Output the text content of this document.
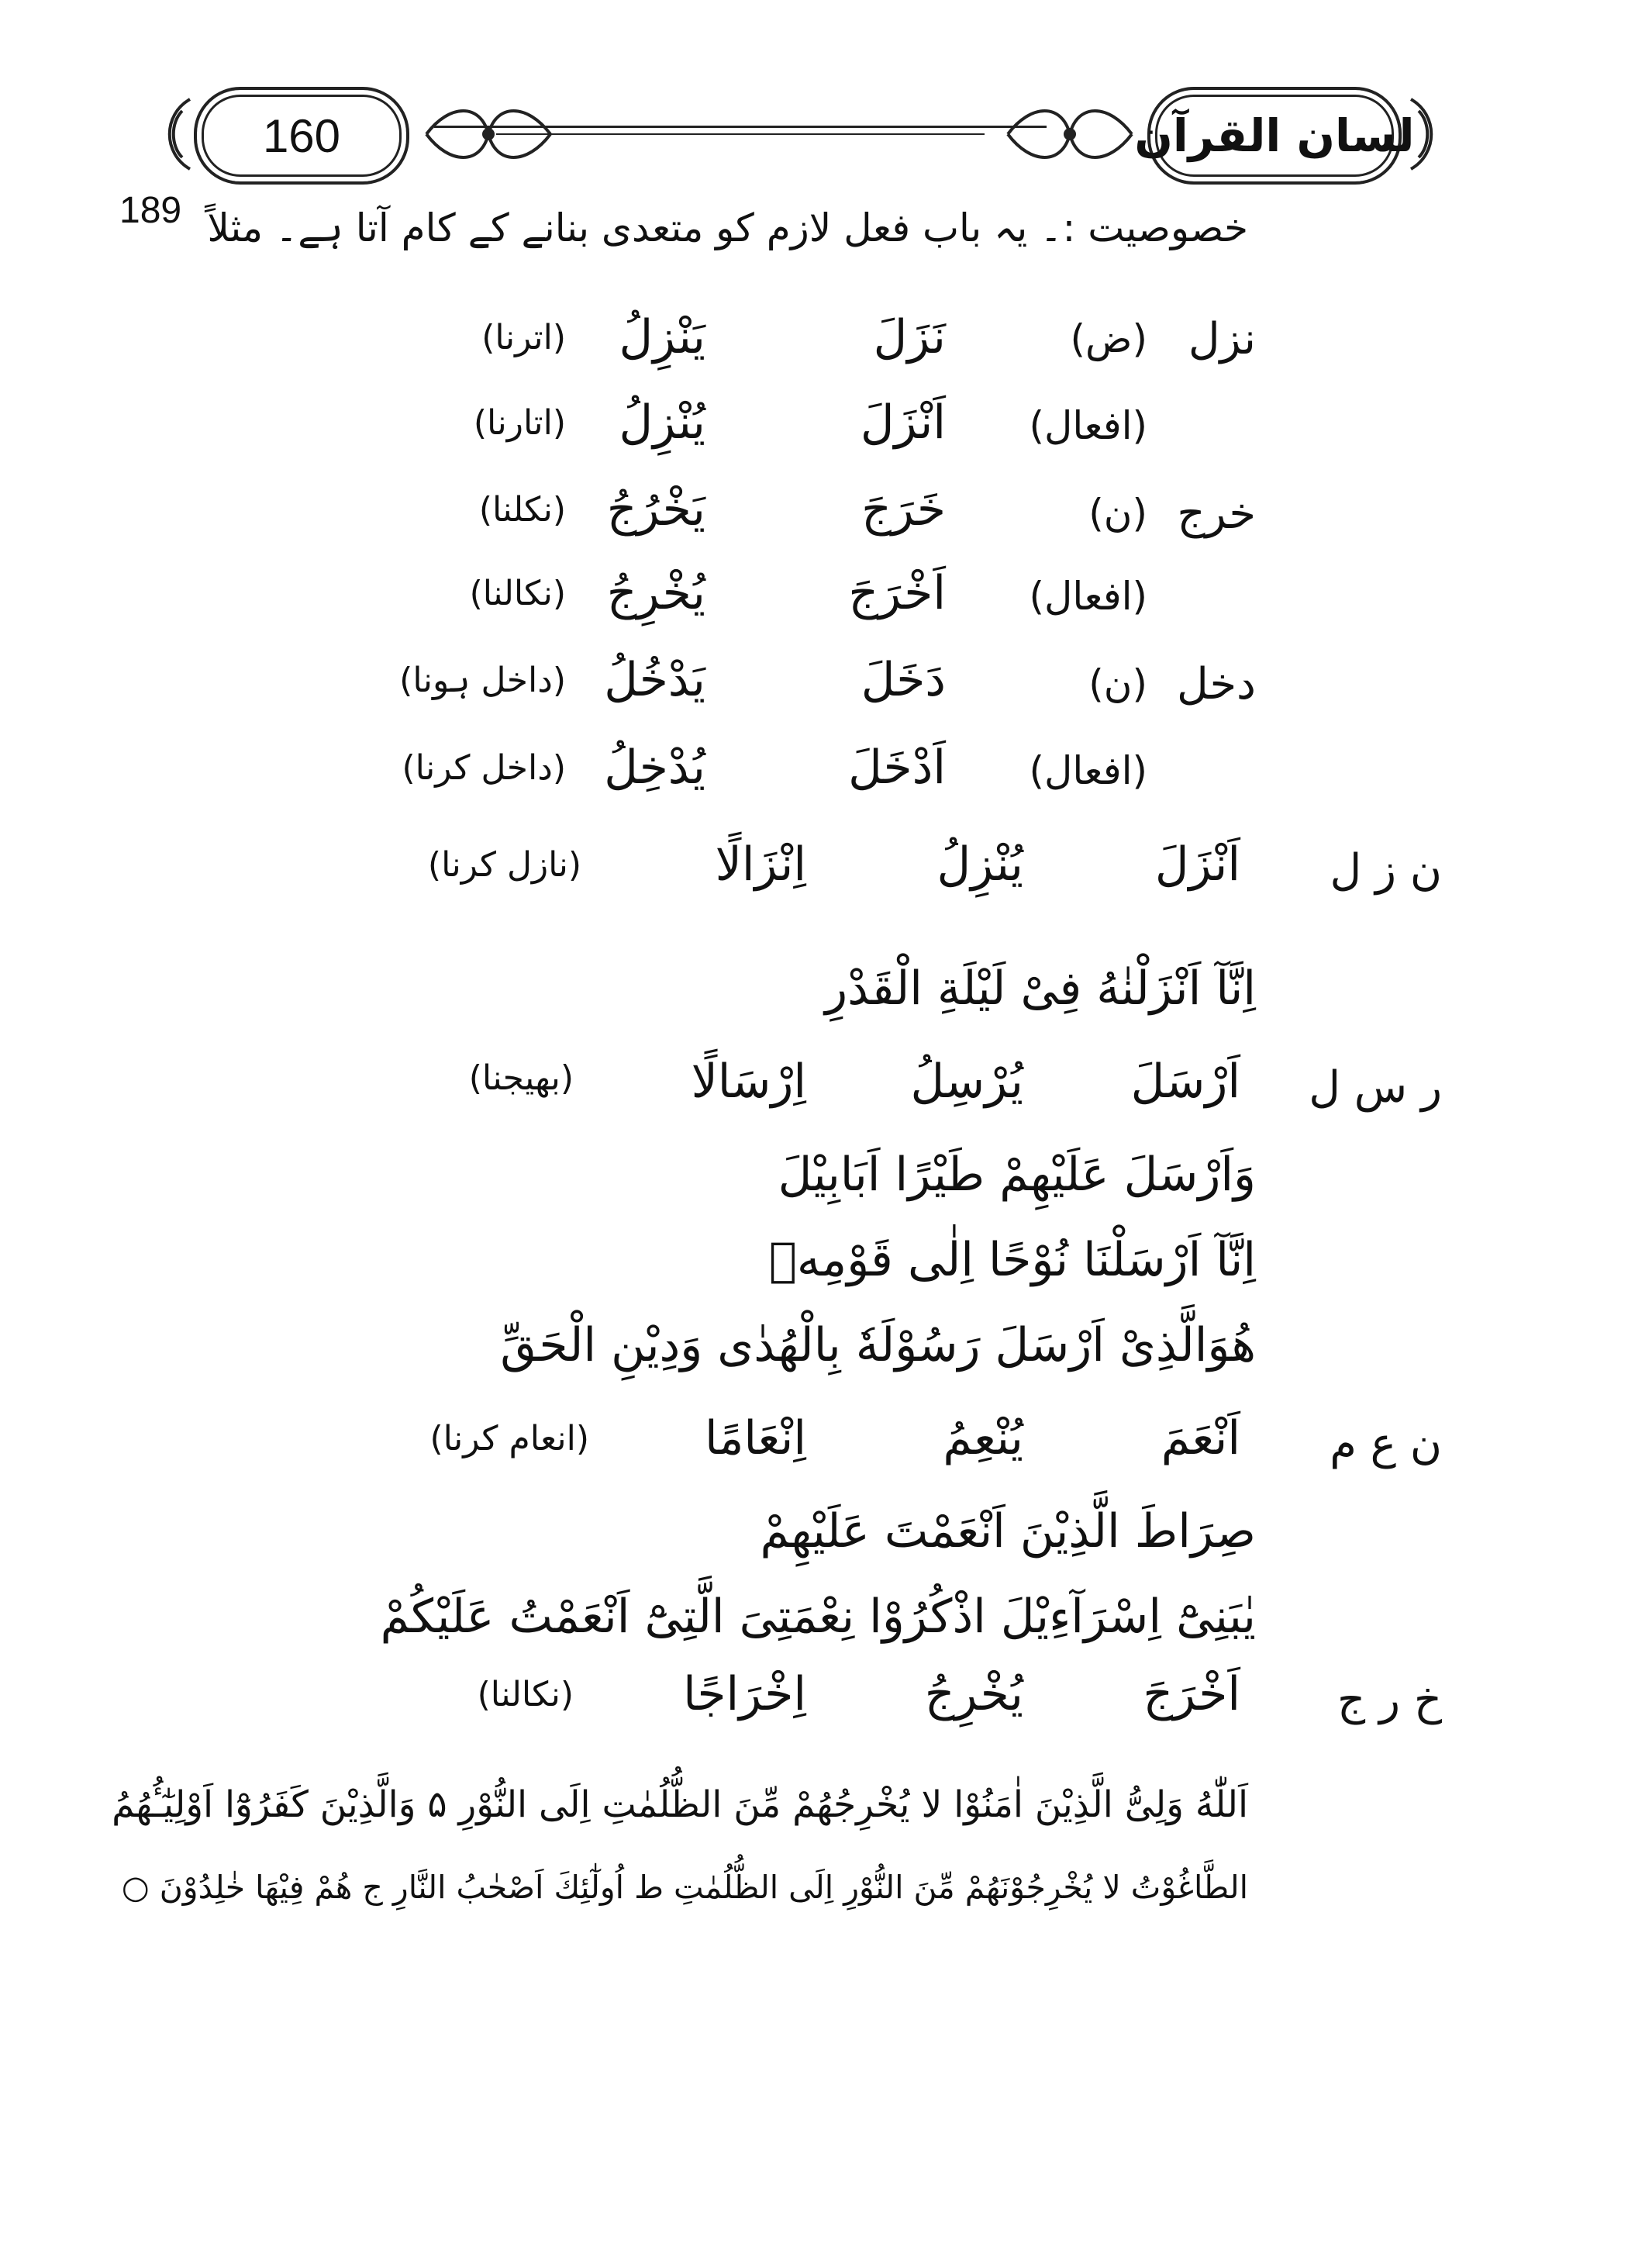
160	لسان القرآن
189 خصوصیت :۔ یہ باب فعل لازم کو متعدی بنانے کے کام آتا ہے۔ مثلاً
نزل
(ض)
نَزَلَ
یَنْزِلُ
(اترنا)
(افعال)
اَنْزَلَ
یُنْزِلُ
(اتارنا)
خرج
(ن)
خَرَجَ
یَخْرُجُ
(نکلنا)
(افعال)
اَخْرَجَ
یُخْرِجُ
(نکالنا)
دخل
(ن)
دَخَلَ
یَدْخُلُ
(داخل ہونا)
(افعال)
اَدْخَلَ
یُدْخِلُ
(داخل کرنا)
ن ز ل
اَنْزَلَ
یُنْزِلُ
اِنْزَالًا
(نازل کرنا)
اِنَّآ اَنْزَلْنٰهُ فِیْ لَیْلَةِ الْقَدْرِ
ر س ل
اَرْسَلَ
یُرْسِلُ
اِرْسَالًا
(بھیجنا)
وَاَرْسَلَ عَلَیْهِمْ طَیْرًا اَبَابِیْلَ
اِنَّآ اَرْسَلْنَا نُوْحًا اِلٰی قَوْمِهٖ
هُوَالَّذِیْ اَرْسَلَ رَسُوْلَهٗ بِالْهُدٰی وَدِیْنِ الْحَقِّ
ن ع م
اَنْعَمَ
یُنْعِمُ
اِنْعَامًا
(انعام کرنا)
صِرَاطَ الَّذِیْنَ اَنْعَمْتَ عَلَیْهِمْ
یٰبَنِیْٓ اِسْرَآءِیْلَ اذْكُرُوْا نِعْمَتِیَ الَّتِیْٓ اَنْعَمْتُ عَلَیْكُمْ
خ ر ج
اَخْرَجَ
یُخْرِجُ
اِخْرَاجًا
(نکالنا)
اَللّٰهُ وَلِیُّ الَّذِیْنَ اٰمَنُوْا لا یُخْرِجُهُمْ مِّنَ الظُّلُمٰتِ اِلَی النُّوْرِ ۵ وَالَّذِیْنَ كَفَرُوْٓا اَوْلِیٰٓـُٔهُمُ
الطَّاغُوْتُ لا یُخْرِجُوْنَهُمْ مِّنَ النُّوْرِ اِلَی الظُّلُمٰتِ ط اُولٰٓئِكَ اَصْحٰبُ النَّارِ ج هُمْ فِیْهَا خٰلِدُوْنَ ○
